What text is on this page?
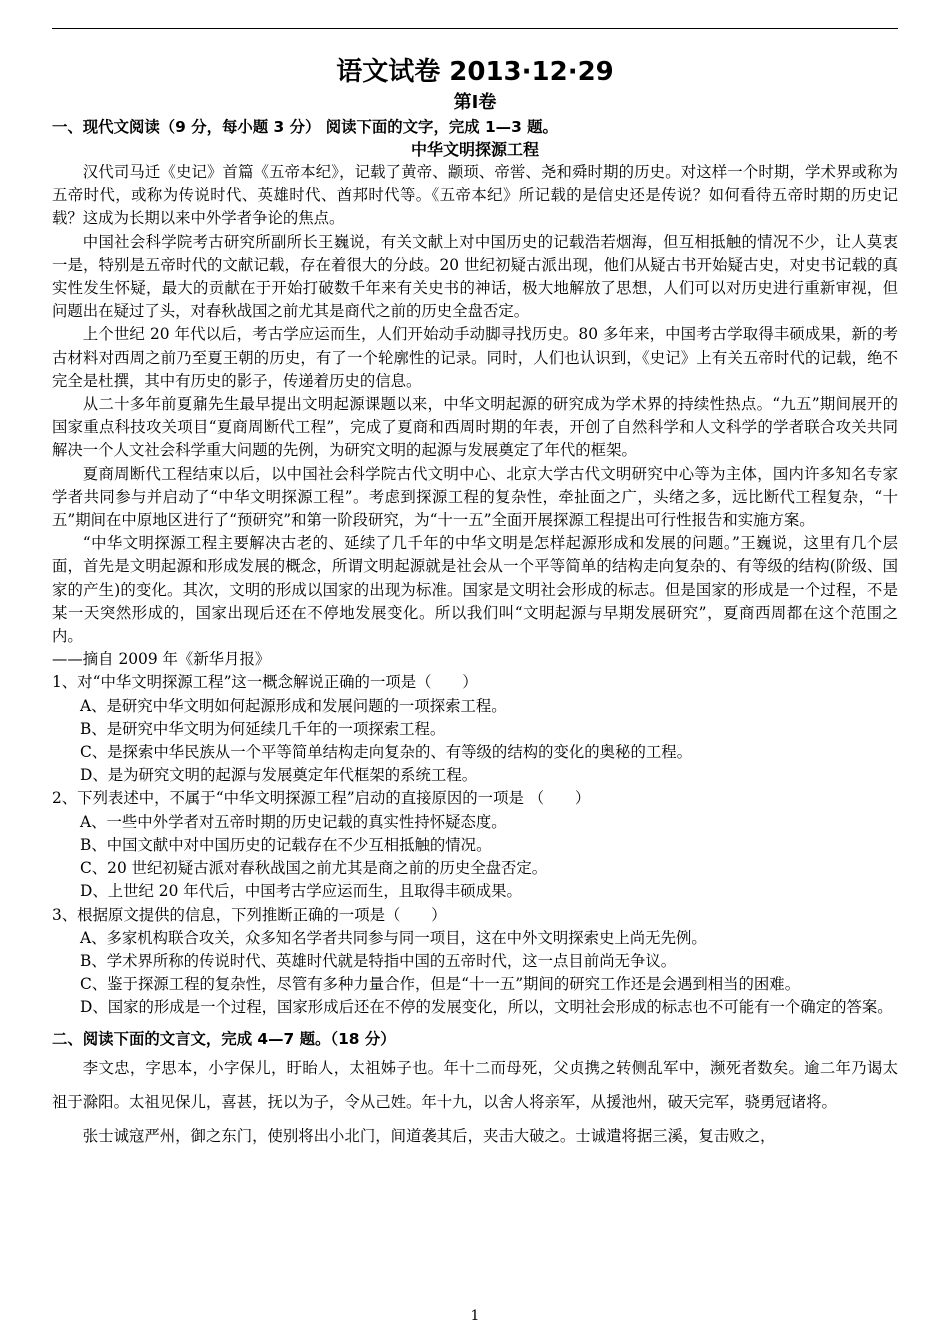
语文试卷 2013·12·29
第Ⅰ卷
一、现代文阅读（9 分，每小题 3 分） 阅读下面的文字，完成 1—3 题。
中华文明探源工程

汉代司马迁《史记》首篇《五帝本纪》，记载了黄帝、颛顼、帝喾、尧和舜时期的历史。对这样一个时期，学术界或称为五帝时代，或称为传说时代、英雄时代、酋邦时代等。《五帝本纪》所记载的是信史还是传说？如何看待五帝时期的历史记载？这成为长期以来中外学者争论的焦点。

中国社会科学院考古研究所副所长王巍说，有关文献上对中国历史的记载浩若烟海，但互相抵触的情况不少，让人莫衷一是，特别是五帝时代的文献记载，存在着很大的分歧。20 世纪初疑古派出现，他们从疑古书开始疑古史，对史书记载的真实性发生怀疑，最大的贡献在于开始打破数千年来有关史书的神话，极大地解放了思想，人们可以对历史进行重新审视，但问题出在疑过了头，对春秋战国之前尤其是商代之前的历史全盘否定。

上个世纪 20 年代以后，考古学应运而生，人们开始动手动脚寻找历史。80 多年来，中国考古学取得丰硕成果，新的考古材料对西周之前乃至夏王朝的历史，有了一个轮廓性的记录。同时，人们也认识到，《史记》上有关五帝时代的记载，绝不完全是杜撰，其中有历史的影子，传递着历史的信息。

从二十多年前夏鼐先生最早提出文明起源课题以来，中华文明起源的研究成为学术界的持续性热点。“九五”期间展开的国家重点科技攻关项目“夏商周断代工程”，完成了夏商和西周时期的年表，开创了自然科学和人文科学的学者联合攻关共同解决一个人文社会科学重大问题的先例，为研究文明的起源与发展奠定了年代的框架。

夏商周断代工程结束以后，以中国社会科学院古代文明中心、北京大学古代文明研究中心等为主体，国内许多知名专家学者共同参与并启动了“中华文明探源工程”。考虑到探源工程的复杂性，牵扯面之广，头绪之多，远比断代工程复杂，“十五”期间在中原地区进行了“预研究”和第一阶段研究，为“十一五”全面开展探源工程提出可行性报告和实施方案。

“中华文明探源工程主要解决古老的、延续了几千年的中华文明是怎样起源形成和发展的问题。”王巍说，这里有几个层面，首先是文明起源和形成发展的概念，所谓文明起源就是社会从一个平等简单的结构走向复杂的、有等级的结构(阶级、国家的产生)的变化。其次，文明的形成以国家的出现为标准。国家是文明社会形成的标志。但是国家的形成是一个过程，不是某一天突然形成的，国家出现后还在不停地发展变化。所以我们叫“文明起源与早期发展研究”，夏商西周都在这个范围之内。

——摘自 2009 年《新华月报》

1、对“中华文明探源工程”这一概念解说正确的一项是（　　）

A、是研究中华文明如何起源形成和发展问题的一项探索工程。

B、是研究中华文明为何延续几千年的一项探索工程。

C、是探索中华民族从一个平等简单结构走向复杂的、有等级的结构的变化的奥秘的工程。

D、是为研究文明的起源与发展奠定年代框架的系统工程。

2、下列表述中，不属于“中华文明探源工程”启动的直接原因的一项是 （　　）

A、一些中外学者对五帝时期的历史记载的真实性持怀疑态度。

B、中国文献中对中国历史的记载存在不少互相抵触的情况。

C、20 世纪初疑古派对春秋战国之前尤其是商之前的历史全盘否定。

D、上世纪 20 年代后，中国考古学应运而生，且取得丰硕成果。

3、根据原文提供的信息，下列推断正确的一项是（　　）

A、多家机构联合攻关，众多知名学者共同参与同一项目，这在中外文明探索史上尚无先例。

B、学术界所称的传说时代、英雄时代就是特指中国的五帝时代，这一点目前尚无争议。

C、鉴于探源工程的复杂性，尽管有多种力量合作，但是“十一五”期间的研究工作还是会遇到相当的困难。

D、国家的形成是一个过程，国家形成后还在不停的发展变化，所以，文明社会形成的标志也不可能有一个确定的答案。

二、阅读下面的文言文，完成 4—7 题。（18 分）

李文忠，字思本，小字保儿，盱眙人，太祖姊子也。年十二而母死，父贞携之转侧乱军中，濒死者数矣。逾二年乃谒太祖于滁阳。太祖见保儿，喜甚，抚以为子，令从己姓。年十九，以舍人将亲军，从援池州，破天完军，骁勇冠诸将。

张士诚寇严州，御之东门，使别将出小北门，间道袭其后，夹击大破之。士诚遣将据三溪，复击败之，

1
